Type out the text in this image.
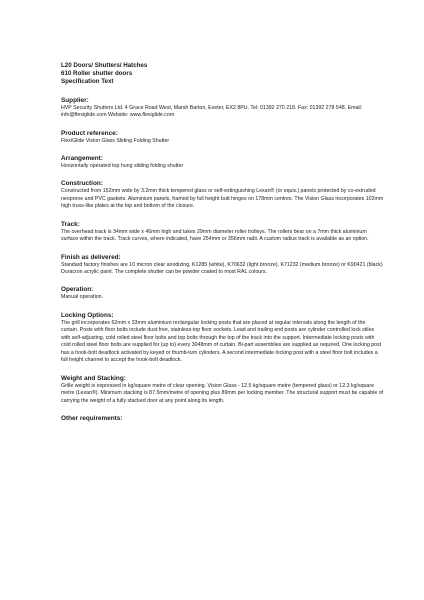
L20 Doors/ Shutters/ Hatches

610 Roller shutter doors

Specification Text

Supplier:

HVP Security Shutters Ltd. 4 Grace Road West, Marsh Barton, Exeter, EX2 8PU. Tel: 01392 270 218. Fax: 01392 278 548. Email: info@flexiglide.com Website: www.flexiglide.com

Product reference:

FlexiGlide Vision Glass Sliding Folding Shutter

Arrangement:

Horizontally operated top hung sliding folding shutter

Construction:

Constructed from 152mm wide by 3.2mm thick tempered glass or self-extinguishing Lexan® (or equiv.) panels protected by co-extruded neoprene and PVC gaskets. Aluminium panels, framed by full height butt hinges on 178mm centres. The Vision Glass incorporates 102mm high truss-like plates at the top and bottom of the closure.

Track:

The overhead track is 34mm wide x 46mm high and takes 29mm diameter roller trolleys. The rollers bear on a 7mm thick aluminium surface within the track. Track curves, where indicated, have 254mm or 356mm radii. A custom radius track is available as an option.

Finish as delivered:

Standard factory finishes are 10 micron clear anodizing, K1285 (white), K70632 (light bronze), K71232 (medium bronze) or K90421 (black) Duracron acrylic paint. The complete shutter can be powder coated to most RAL colours.

Operation:

Manual operation.

Locking Options:

The grill incorporates 62mm x 33mm aluminium rectangular locking posts that are placed at regular intervals along the length of the curtain. Posts with floor bolts include dust free, stainless-top floor sockets. Lead and trailing end posts are cylinder controlled lock stiles with self-adjusting, cold rolled steel floor bolts and top bolts through the top of the track into the support. Intermediate locking posts with cold rolled steel floor bolts are supplied for (up to) every 3048mm of curtain. Bi-part assemblies are supplied as required. One locking post has a hook-bolt deadlock activated by keyed or thumb-turn cylinders. A second intermediate locking post with a steel floor bolt includes a full height channel to accept the hook-bolt deadlock.

Weight and Stacking:

Grille weight is expressed in kg/square metre of clear opening. Vision Glass - 12.5 kg/square metre (tempered glass) or 12.3 kg/square metre (Lexan®). Minimum stacking is 87.5mm/metre of opening plus 89mm per locking member. The structural support must be capable of carrying the weight of a fully stacked door at any point along its length.

Other requirements:
